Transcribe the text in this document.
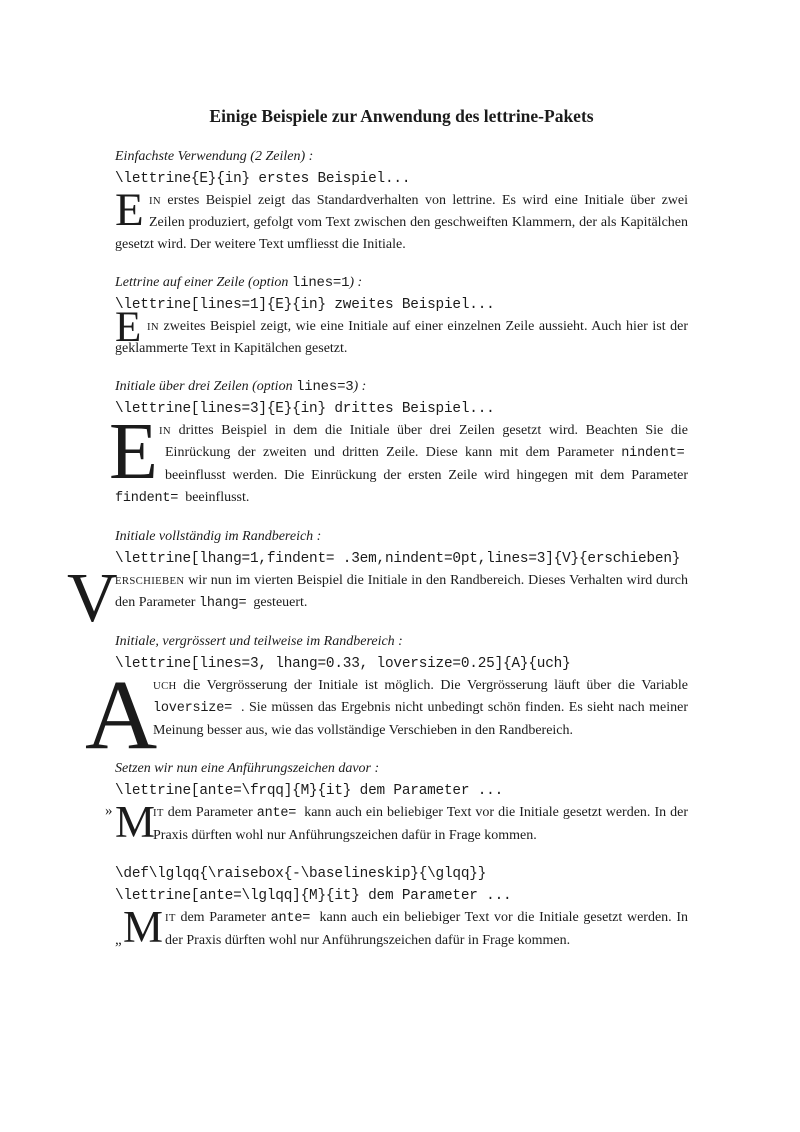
Einige Beispiele zur Anwendung des lettrine-Pakets
Einfachste Verwendung (2 Zeilen) :
\lettrine{E}{in} erstes Beispiel...
E IN erstes Beispiel zeigt das Standardverhalten von lettrine. Es wird eine Initiale über zwei Zeilen produziert, gefolgt vom Text zwischen den geschweiften Klammern, der als Kapitälchen gesetzt wird. Der weitere Text umfliesst die Initiale.
Lettrine auf einer Zeile (option lines=1) :
\lettrine[lines=1]{E}{in} zweites Beispiel...
E IN zweites Beispiel zeigt, wie eine Initiale auf einer einzelnen Zeile aussieht. Auch hier ist der geklammerte Text in Kapitälchen gesetzt.
Initiale über drei Zeilen (option lines=3) :
\lettrine[lines=3]{E}{in} drittes Beispiel...
E IN drittes Beispiel in dem die Initiale über drei Zeilen gesetzt wird. Beachten Sie die Einrückung der zweiten und dritten Zeile. Diese kann mit dem Parameter nindent=  beeinflusst werden. Die Einrückung der ersten Zeile wird hingegen mit dem Parameter findent=  beeinflusst.
Initiale vollständig im Randbereich :
\lettrine[lhang=1,findent= .3em,nindent=0pt,lines=3]{V}{erschieben}
V
ERSCHIEBEN wir nun im vierten Beispiel die Initiale in den Randbereich. Dieses Verhalten wird durch den Parameter lhang=  gesteuert.
Initiale, vergrössert und teilweise im Randbereich :
\lettrine[lines=3, lhang=0.33, loversize=0.25]{A}{uch}
A
UCH die Vergrösserung der Initiale ist möglich. Die Vergrösserung läuft über die Variable loversize=  . Sie müssen das Ergebnis nicht unbedingt schön finden. Es sieht nach meiner Meinung besser aus, wie das vollständige Verschieben in den Randbereich.
Setzen wir nun eine Anführungszeichen davor :
\lettrine[ante=\frqq]{M}{it} dem Parameter ...
» M
IT dem Parameter ante=  kann auch ein beliebiger Text vor die Initiale gesetzt werden. In der Praxis dürften wohl nur Anführungszeichen dafür in Frage kommen.
\def\lglqq{\raisebox{-\baselineskip}{\glqq}}
\lettrine[ante=\lglqq]{M}{it} dem Parameter ...
„ M IT dem Parameter ante=  kann auch ein beliebiger Text vor die Initiale gesetzt werden. In der Praxis dürften wohl nur Anführungszeichen dafür in Frage kommen.
